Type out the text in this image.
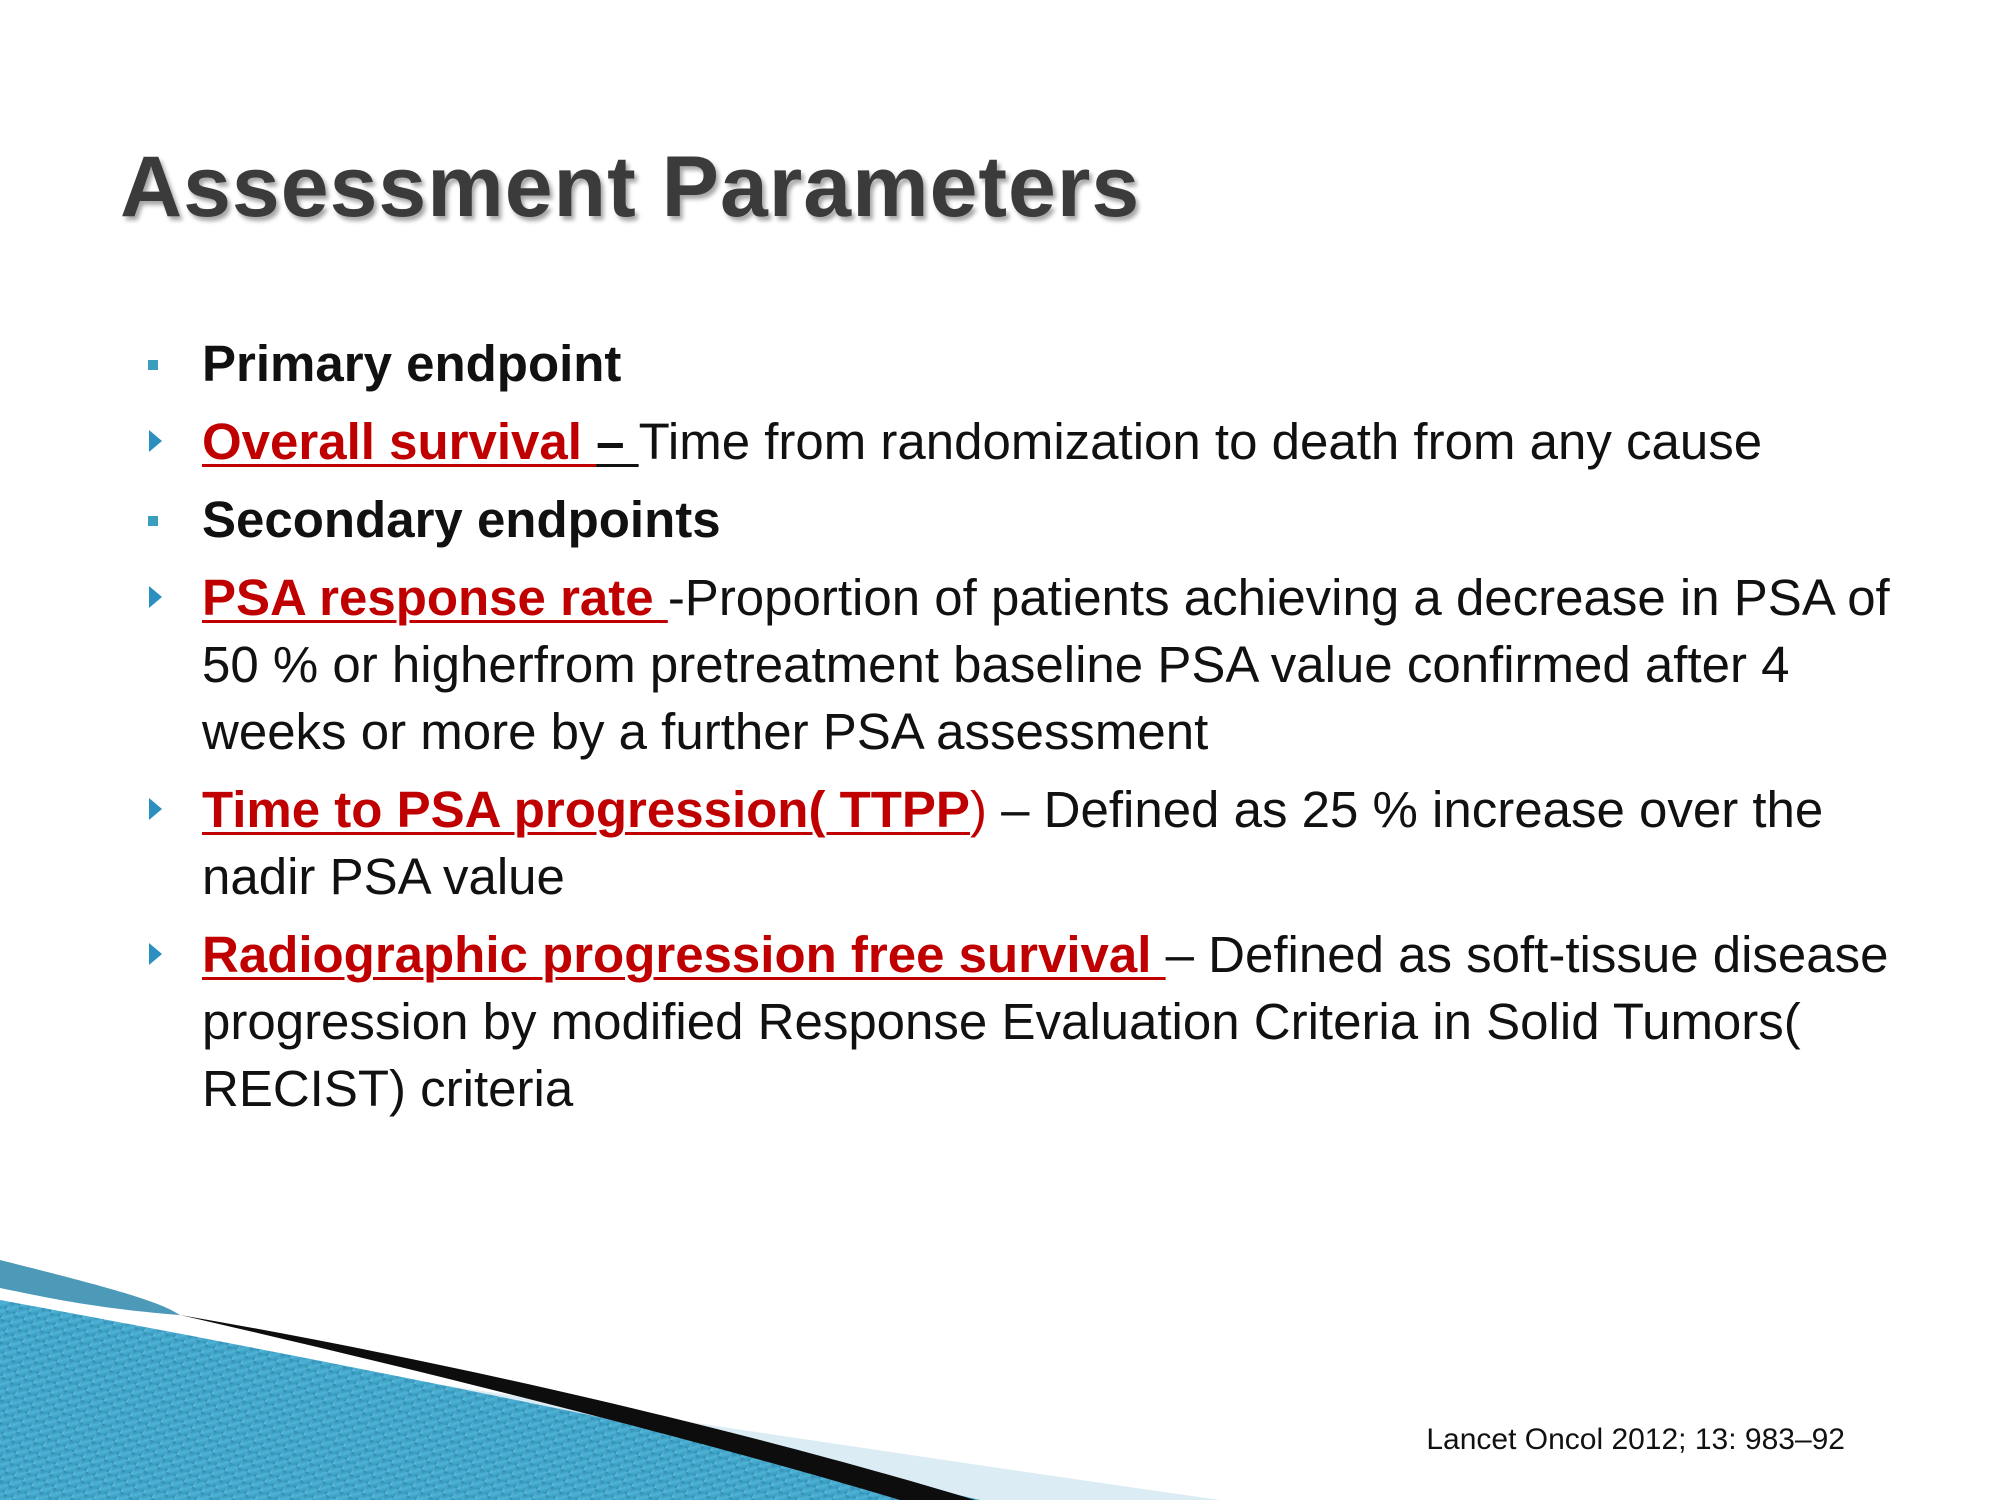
Assessment Parameters
Primary endpoint
Overall survival – Time from randomization to death from any cause
Secondary endpoints
PSA response rate -Proportion of patients achieving a decrease in PSA of 50 % or higherfrom pretreatment baseline PSA value confirmed after 4 weeks or more by a further PSA assessment
Time to PSA progression( TTPP) – Defined as 25 % increase over the nadir PSA value
Radiographic progression free survival – Defined as soft-tissue disease progression by modified Response Evaluation Criteria in Solid Tumors( RECIST) criteria
Lancet Oncol 2012; 13: 983–92
